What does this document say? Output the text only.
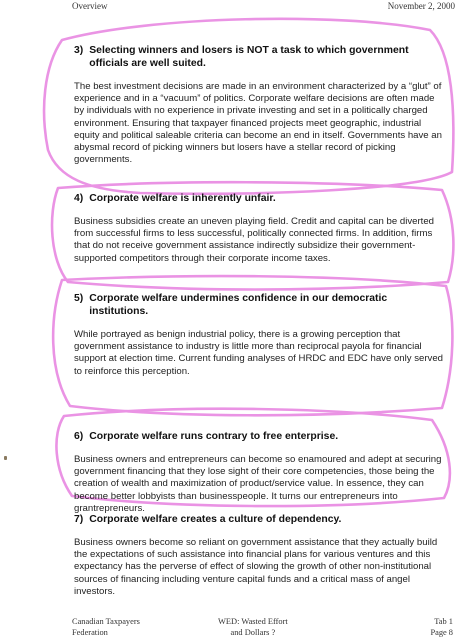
Overview	November 2, 2000
3) Selecting winners and losers is NOT a task to which government officials are well suited.

The best investment decisions are made in an environment characterized by a “glut” of experience and in a “vacuum” of politics. Corporate welfare decisions are often made by individuals with no experience in private investing and set in a politically charged environment. Ensuring that taxpayer financed projects meet geographic, industrial equity and political saleable criteria can become an end in itself. Governments have an abysmal record of picking winners but losers have a stellar record of picking governments.

4) Corporate welfare is inherently unfair.

Business subsidies create an uneven playing field. Credit and capital can be diverted from successful firms to less successful, politically connected firms. In addition, firms that do not receive government assistance indirectly subsidize their government-supported competitors through their corporate income taxes.

5) Corporate welfare undermines confidence in our democratic institutions.

While portrayed as benign industrial policy, there is a growing perception that government assistance to industry is little more than reciprocal payola for financial support at election time. Current funding analyses of HRDC and EDC have only served to reinforce this perception.

6) Corporate welfare runs contrary to free enterprise.

Business owners and entrepreneurs can become so enamoured and adept at securing government financing that they lose sight of their core competencies, those being the creation of wealth and maximization of product/service value. In essence, they can become better lobbyists than businesspeople. It turns our entrepreneurs into grantrepreneurs.

7) Corporate welfare creates a culture of dependency.

Business owners become so reliant on government assistance that they actually build the expectations of such assistance into financial plans for various ventures and this expectancy has the perverse of effect of slowing the growth of other non-institutional sources of financing including venture capital funds and a critical mass of angel investors.

Canadian Taxpayers
Federation
WED: Wasted Effort
and Dollars ?
Tab 1
Page 8
